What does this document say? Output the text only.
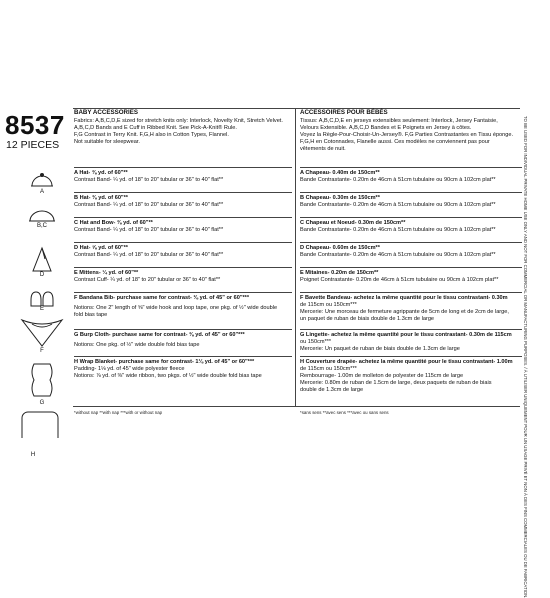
8537
12 PIECES
A
B,C
D
E
F
G
H
BABY ACCESSORIES
Fabrics: A,B,C,D,E sized for stretch knits only: Interlock, Novelty Knit, Stretch Velvet.
A,B,C,D Bands and E Cuff in Ribbed Knit. See Pick-A-Knit® Rule.
F,G Contrast in Terry Knit. F,G,H also in Cotton Types, Flannel.
Not suitable for sleepwear.
A Hat- ⅜ yd. of 60"**
Contrast Band- ¼ yd. of 18" to 20" tubular or 36" to 40" flat**
B Hat- ⅜ yd. of 60"**
Contrast Band- ¼ yd. of 18" to 20" tubular or 36" to 40" flat**
C Hat and Bow- ⅜ yd. of 60"**
Contrast Band- ¼ yd. of 18" to 20" tubular or 36" to 40" flat**
D Hat- ⅝ yd. of 60"**
Contrast Band- ¼ yd. of 18" to 20" tubular or 36" to 40" flat**
E Mittens- ¼ yd. of 60"**
Contrast Cuff- ¼ yd. of 18" to 20" tubular or 36" to 40" flat**
F Bandana Bib- purchase same for contrast- ⅜ yd. of 45" or 60"***
Notions: One 2" length of ⅝" wide hook and loop tape, one pkg. of ½" wide double
fold bias tape
G Burp Cloth- purchase same for contrast- ⅜ yd. of 45" or 60"***
Notions: One pkg. of ½" wide double fold bias tape
H Wrap Blanket- purchase same for contrast- 1⅛ yd. of 45" or 60"***
Padding- 1⅛ yd. of 45" wide polyester fleece
Notions: ⅞ yd. of ⅜" wide ribbon, two pkgs. of ½" wide double fold bias tape
ACCESSOIRES POUR BÉBÉS
Tissus: A,B,C,D,E en jerseys extensibles seulement: Interlock, Jersey Fantaisie,
Velours Extensible. A,B,C,D Bandes et E Poignets en Jersey à côtes.
Voyez la Règle-Pour-Choisir-Un-Jersey®. F,G Parties Contrastantes en Tissu éponge.
F,G,H en Cotonnades, Flanelle aussi. Ces modèles ne conviennent pas pour
vêtements de nuit.
A Chapeau- 0.40m de 150cm**
Bande Contrastante- 0.20m de 46cm à 51cm tubulaire ou 90cm à 102cm plat**
B Chapeau- 0.30m de 150cm**
Bande Contrastante- 0.20m de 46cm à 51cm tubulaire ou 90cm à 102cm plat**
C Chapeau et Noeud- 0.30m de 150cm**
Bande Contrastante- 0.20m de 46cm à 51cm tubulaire ou 90cm à 102cm plat**
D Chapeau- 0.60m de 150cm**
Bande Contrastante- 0.20m de 46cm à 51cm tubulaire ou 90cm à 102cm plat**
E Mitaines- 0.20m de 150cm**
Poignet Contrastante- 0.20m de 46cm à 51cm tubulaire ou 90cm à 102cm plat**
F Bavette Bandeau- achetez la même quantité pour le tissu contrastant- 0.30m
de 115cm ou 150cm***
Mercerie: Une morceau de fermeture agrippante de 5cm de long et de 2cm de large,
un paquet de ruban de biais double de 1.3cm de large
G Lingette- achetez la même quantité pour le tissu contrastant- 0.30m de 115cm
ou 150cm***
Mercerie: Un paquet de ruban de biais double de 1.3cm de large
H Couverture drapée- achetez la même quantité pour le tissu contrastant- 1.00m
de 115cm ou 150cm***
Rembourrage- 1.00m de molleton de polyester de 115cm de large
Mercerie: 0.80m de ruban de 1.5cm de large, deux paquets de ruban de biais
double de 1.3cm de large
*without nap **with nap ***with or without nap	*sans sens **avec sens ***avec ou sans sens	TO BE USED FOR INDIVIDUAL PRIVATE HOME USE ONLY AND NOT FOR COMMERCIAL OR MANUFACTURING PURPOSES. / À UTILISER UNIQUEMENT POUR UN USAGE PRIVÉ ET NON À DES FINS COMMERCIALES OU DE FABRICATION.
